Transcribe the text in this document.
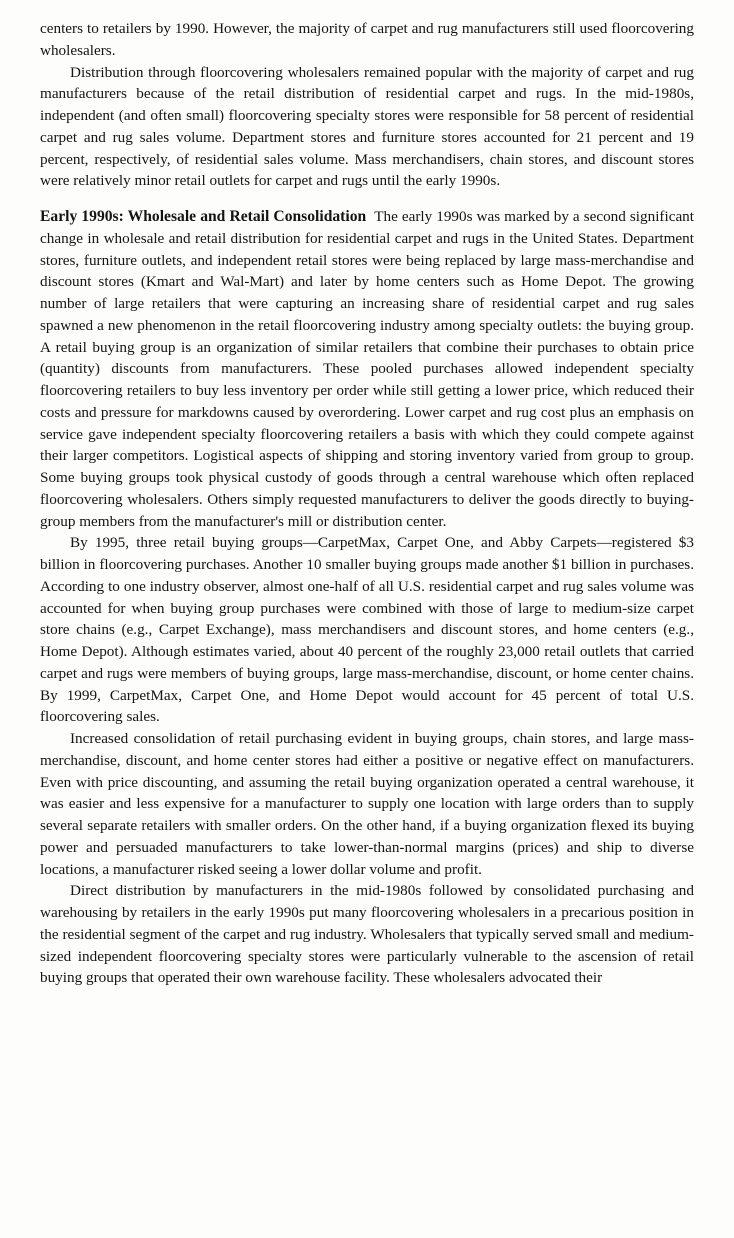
centers to retailers by 1990. However, the majority of carpet and rug manufacturers still used floorcovering wholesalers.

Distribution through floorcovering wholesalers remained popular with the majority of carpet and rug manufacturers because of the retail distribution of residential carpet and rugs. In the mid-1980s, independent (and often small) floorcovering specialty stores were responsible for 58 percent of residential carpet and rug sales volume. Department stores and furniture stores accounted for 21 percent and 19 percent, respectively, of residential sales volume. Mass merchandisers, chain stores, and discount stores were relatively minor retail outlets for carpet and rugs until the early 1990s.

Early 1990s: Wholesale and Retail Consolidation The early 1990s was marked by a second significant change in wholesale and retail distribution for residential carpet and rugs in the United States. Department stores, furniture outlets, and independent retail stores were being replaced by large mass-merchandise and discount stores (Kmart and Wal-Mart) and later by home centers such as Home Depot. The growing number of large retailers that were capturing an increasing share of residential carpet and rug sales spawned a new phenomenon in the retail floorcovering industry among specialty outlets: the buying group. A retail buying group is an organization of similar retailers that combine their purchases to obtain price (quantity) discounts from manufacturers. These pooled purchases allowed independent specialty floorcovering retailers to buy less inventory per order while still getting a lower price, which reduced their costs and pressure for markdowns caused by overordering. Lower carpet and rug cost plus an emphasis on service gave independent specialty floorcovering retailers a basis with which they could compete against their larger competitors. Logistical aspects of shipping and storing inventory varied from group to group. Some buying groups took physical custody of goods through a central warehouse which often replaced floorcovering wholesalers. Others simply requested manufacturers to deliver the goods directly to buying-group members from the manufacturer's mill or distribution center.

By 1995, three retail buying groups—CarpetMax, Carpet One, and Abby Carpets—registered $3 billion in floorcovering purchases. Another 10 smaller buying groups made another $1 billion in purchases. According to one industry observer, almost one-half of all U.S. residential carpet and rug sales volume was accounted for when buying group purchases were combined with those of large to medium-size carpet store chains (e.g., Carpet Exchange), mass merchandisers and discount stores, and home centers (e.g., Home Depot). Although estimates varied, about 40 percent of the roughly 23,000 retail outlets that carried carpet and rugs were members of buying groups, large mass-merchandise, discount, or home center chains. By 1999, CarpetMax, Carpet One, and Home Depot would account for 45 percent of total U.S. floorcovering sales.

Increased consolidation of retail purchasing evident in buying groups, chain stores, and large mass-merchandise, discount, and home center stores had either a positive or negative effect on manufacturers. Even with price discounting, and assuming the retail buying organization operated a central warehouse, it was easier and less expensive for a manufacturer to supply one location with large orders than to supply several separate retailers with smaller orders. On the other hand, if a buying organization flexed its buying power and persuaded manufacturers to take lower-than-normal margins (prices) and ship to diverse locations, a manufacturer risked seeing a lower dollar volume and profit.

Direct distribution by manufacturers in the mid-1980s followed by consolidated purchasing and warehousing by retailers in the early 1990s put many floorcovering wholesalers in a precarious position in the residential segment of the carpet and rug industry. Wholesalers that typically served small and medium-sized independent floorcovering specialty stores were particularly vulnerable to the ascension of retail buying groups that operated their own warehouse facility. These wholesalers advocated their
